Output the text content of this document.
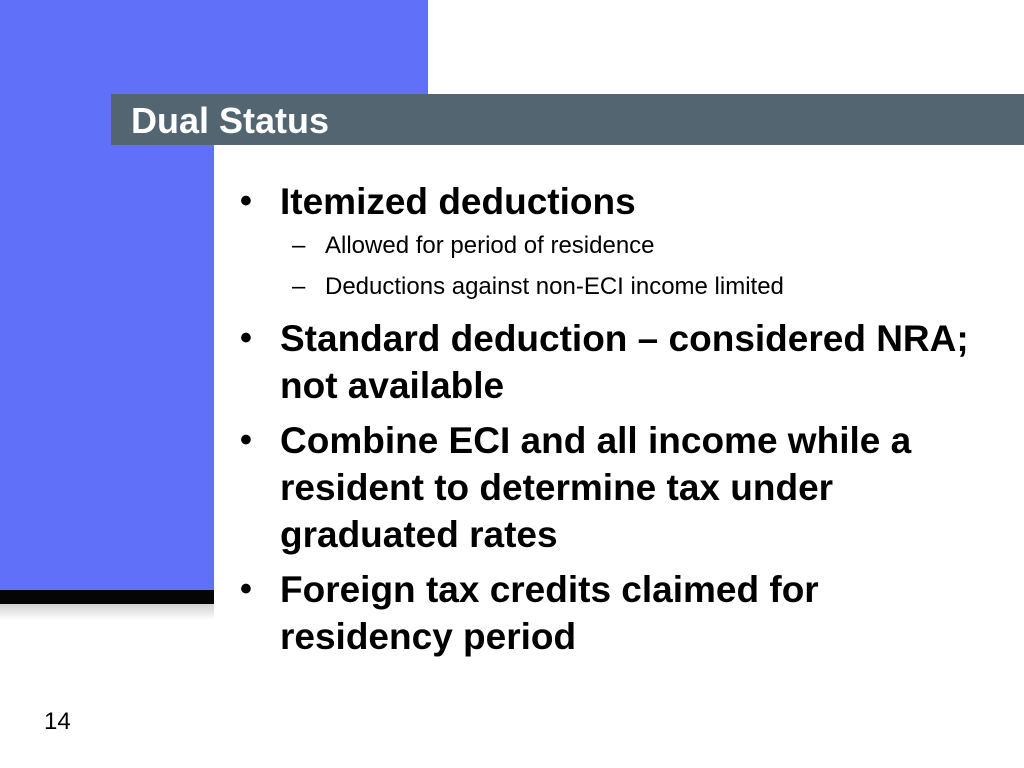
Dual Status
• Itemized deductions
– Allowed for period of residence
– Deductions against non-ECI income limited
• Standard deduction – considered NRA; not available
• Combine ECI and all income while a resident to determine tax under graduated rates
• Foreign tax credits claimed for residency period
14
